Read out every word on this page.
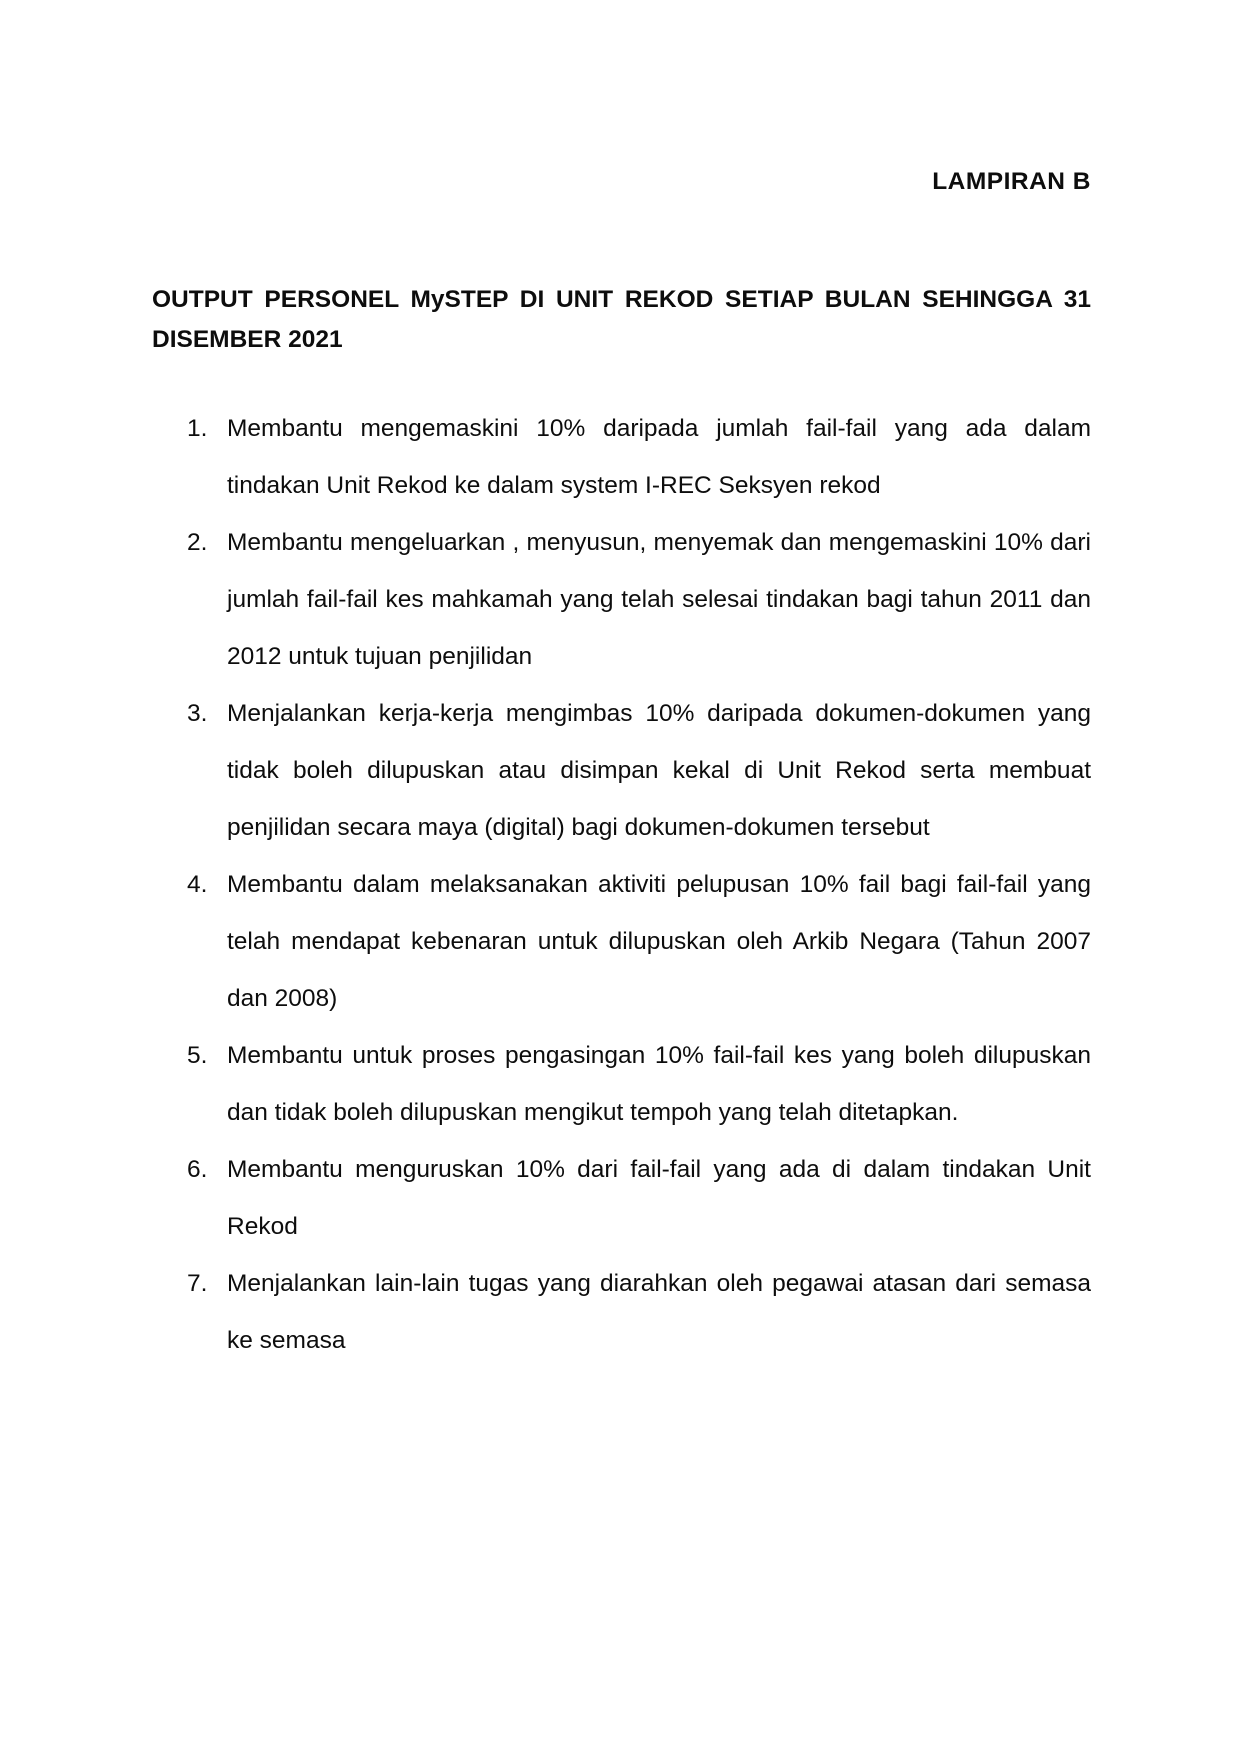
LAMPIRAN B
OUTPUT PERSONEL MySTEP DI UNIT REKOD SETIAP BULAN SEHINGGA 31 DISEMBER 2021
1. Membantu mengemaskini 10% daripada jumlah fail-fail yang ada dalam tindakan Unit Rekod ke dalam system I-REC Seksyen rekod
2. Membantu mengeluarkan , menyusun, menyemak dan mengemaskini 10% dari jumlah fail-fail kes mahkamah yang telah selesai tindakan bagi tahun 2011 dan 2012 untuk tujuan penjilidan
3. Menjalankan kerja-kerja mengimbas 10% daripada dokumen-dokumen yang tidak boleh dilupuskan atau disimpan kekal di Unit Rekod serta membuat penjilidan secara maya (digital) bagi dokumen-dokumen tersebut
4. Membantu dalam melaksanakan aktiviti pelupusan 10% fail bagi fail-fail yang telah mendapat kebenaran untuk dilupuskan oleh Arkib Negara (Tahun 2007 dan 2008)
5. Membantu untuk proses pengasingan 10% fail-fail kes yang boleh dilupuskan dan tidak boleh dilupuskan mengikut tempoh yang telah ditetapkan.
6. Membantu menguruskan 10% dari fail-fail yang ada di dalam tindakan Unit Rekod
7. Menjalankan lain-lain tugas yang diarahkan oleh pegawai atasan dari semasa ke semasa
